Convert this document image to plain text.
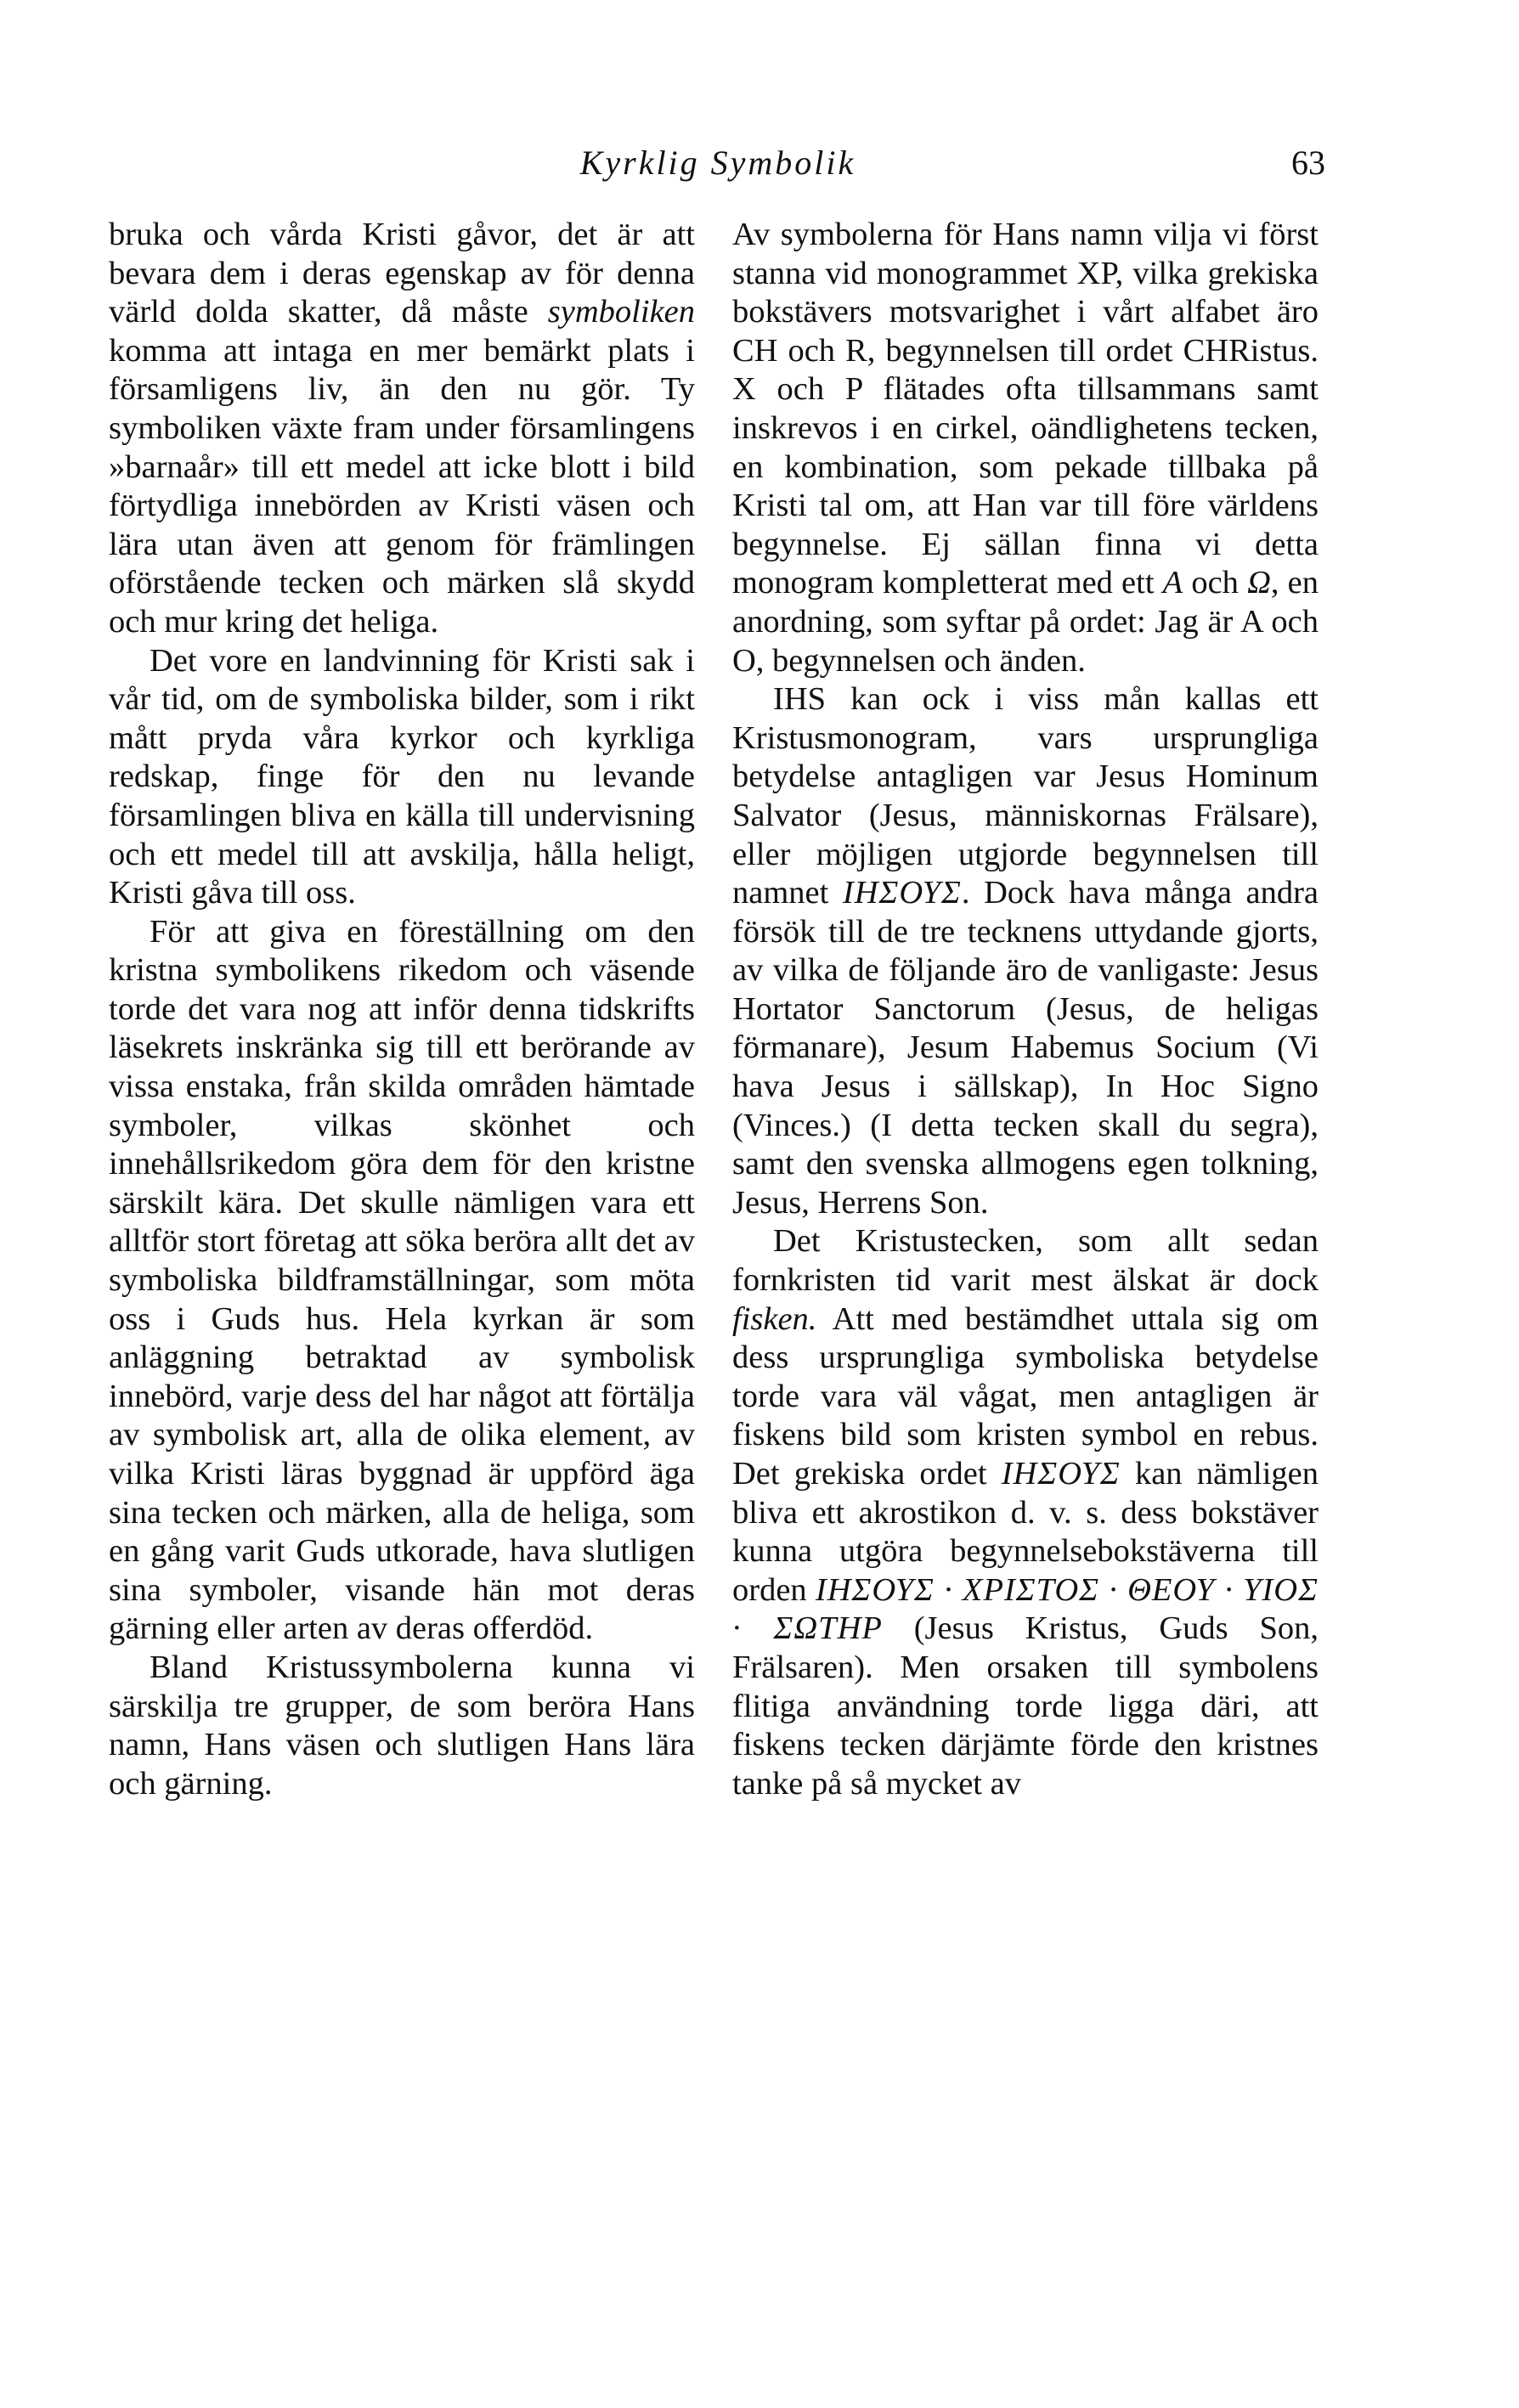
Kyrklig Symbolik	63

bruka och vårda Kristi gåvor, det är att bevara dem i deras egenskap av för denna värld dolda skatter, då måste symboliken komma att intaga en mer bemärkt plats i församligens liv, än den nu gör. Ty symboliken växte fram under församlingens »barnaår» till ett medel att icke blott i bild förtydliga innebörden av Kristi väsen och lära utan även att genom för främlingen oförstående tecken och märken slå skydd och mur kring det heliga.

Det vore en landvinning för Kristi sak i vår tid, om de symboliska bilder, som i rikt mått pryda våra kyrkor och kyrkliga redskap, finge för den nu levande församlingen bliva en källa till undervisning och ett medel till att avskilja, hålla heligt, Kristi gåva till oss.

För att giva en föreställning om den kristna symbolikens rikedom och väsende torde det vara nog att inför denna tidskrifts läsekrets inskränka sig till ett berörande av vissa enstaka, från skilda områden hämtade symboler, vilkas skönhet och innehållsrikedom göra dem för den kristne särskilt kära. Det skulle nämligen vara ett alltför stort företag att söka beröra allt det av symboliska bildframställningar, som möta oss i Guds hus. Hela kyrkan är som anläggning betraktad av symbolisk innebörd, varje dess del har något att förtälja av symbolisk art, alla de olika element, av vilka Kristi läras byggnad är uppförd äga sina tecken och märken, alla de heliga, som en gång varit Guds utkorade, hava slutligen sina symboler, visande hän mot deras gärning eller arten av deras offerdöd.

Bland Kristussymbolerna kunna vi särskilja tre grupper, de som beröra Hans namn, Hans väsen och slutligen Hans lära och gärning.

Av symbolerna för Hans namn vilja vi först stanna vid monogrammet XP, vilka grekiska bokstävers motsvarighet i vårt alfabet äro CH och R, begynnelsen till ordet CHRistus. X och P flätades ofta tillsammans samt inskrevos i en cirkel, oändlighetens tecken, en kombination, som pekade tillbaka på Kristi tal om, att Han var till före världens begynnelse. Ej sällan finna vi detta monogram kompletterat med ett A och Ω, en anordning, som syftar på ordet: Jag är A och O, begynnelsen och änden.

IHS kan ock i viss mån kallas ett Kristusmonogram, vars ursprungliga betydelse antagligen var Jesus Hominum Salvator (Jesus, människornas Frälsare), eller möjligen utgjorde begynnelsen till namnet ΙΗΣΟΥΣ. Dock hava många andra försök till de tre tecknens uttydande gjorts, av vilka de följande äro de vanligaste: Jesus Hortator Sanctorum (Jesus, de heligas förmanare), Jesum Habemus Socium (Vi hava Jesus i sällskap), In Hoc Signo (Vinces.) (I detta tecken skall du segra), samt den svenska allmogens egen tolkning, Jesus, Herrens Son.

Det Kristustecken, som allt sedan fornkristen tid varit mest älskat är dock fisken. Att med bestämdhet uttala sig om dess ursprungliga symboliska betydelse torde vara väl vågat, men antagligen är fiskens bild som kristen symbol en rebus. Det grekiska ordet ΙΗΣΟΥΣ kan nämligen bliva ett akrostikon d. v. s. dess bokstäver kunna utgöra begynnelsebokstäverna till orden ΙΗΣΟΥΣ · ΧΡΙΣΤΟΣ · ΘΕΟΥ · ΥΙΟΣ · ΣΩΤΗΡ (Jesus Kristus, Guds Son, Frälsaren). Men orsaken till symbolens flitiga användning torde ligga däri, att fiskens tecken därjämte förde den kristnes tanke på så mycket av
